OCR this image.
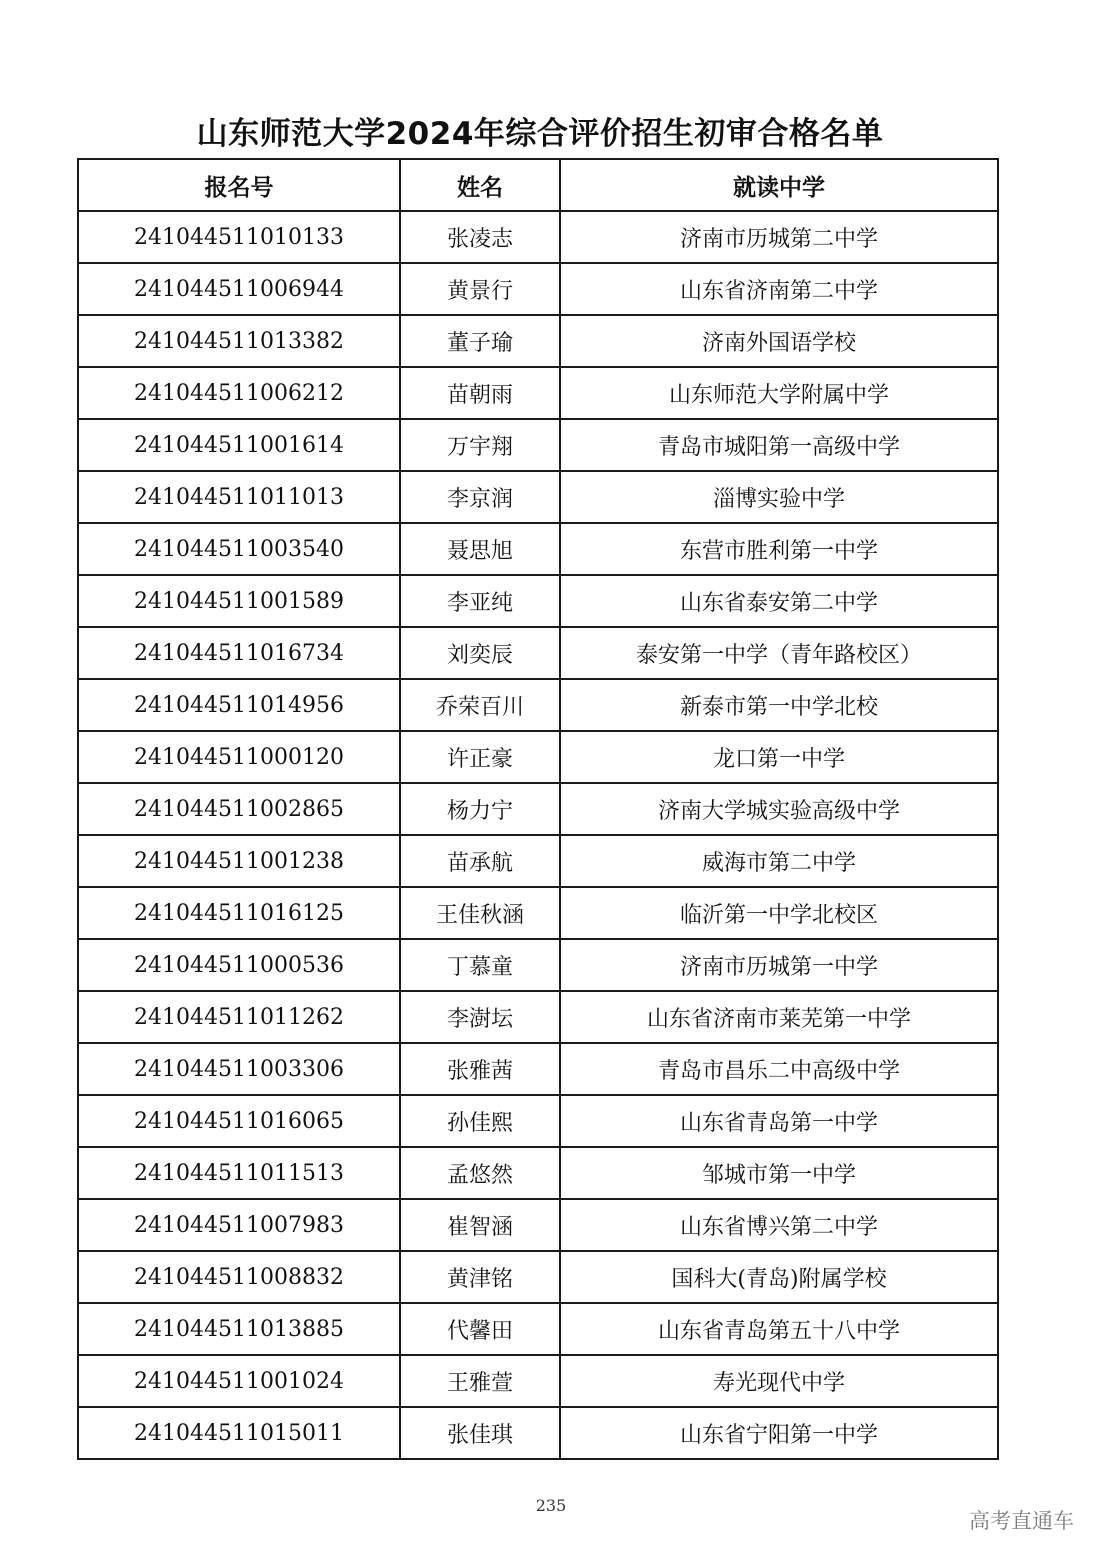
山东师范大学2024年综合评价招生初审合格名单
报名号	姓名	就读中学
241044511010133	张凌志	济南市历城第二中学
241044511006944	黄景行	山东省济南第二中学
241044511013382	董子瑜	济南外国语学校
241044511006212	苗朝雨	山东师范大学附属中学
241044511001614	万宇翔	青岛市城阳第一高级中学
241044511011013	李京润	淄博实验中学
241044511003540	聂思旭	东营市胜利第一中学
241044511001589	李亚纯	山东省泰安第二中学
241044511016734	刘奕辰	泰安第一中学（青年路校区）
241044511014956	乔荣百川	新泰市第一中学北校
241044511000120	许正豪	龙口第一中学
241044511002865	杨力宁	济南大学城实验高级中学
241044511001238	苗承航	威海市第二中学
241044511016125	王佳秋涵	临沂第一中学北校区
241044511000536	丁慕童	济南市历城第一中学
241044511011262	李澍坛	山东省济南市莱芜第一中学
241044511003306	张雅茜	青岛市昌乐二中高级中学
241044511016065	孙佳熙	山东省青岛第一中学
241044511011513	孟悠然	邹城市第一中学
241044511007983	崔智涵	山东省博兴第二中学
241044511008832	黄津铭	国科大(青岛)附属学校
241044511013885	代馨田	山东省青岛第五十八中学
241044511001024	王雅萱	寿光现代中学
241044511015011	张佳琪	山东省宁阳第一中学
235
高考直通车
